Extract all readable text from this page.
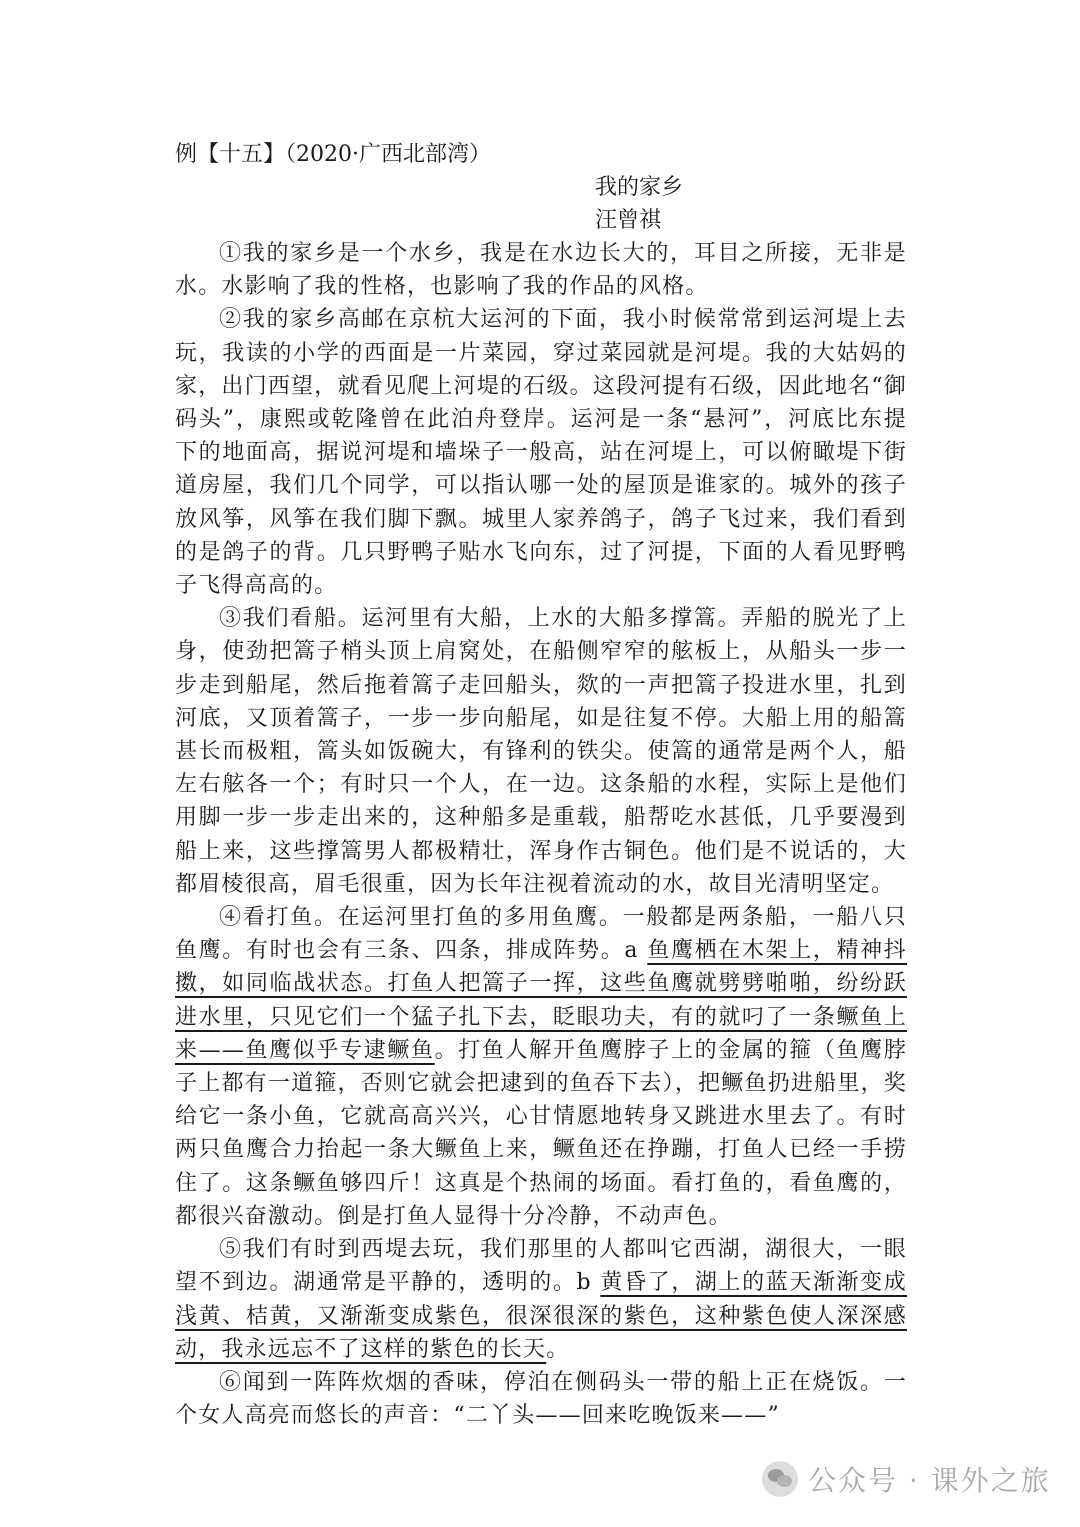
例【十五】（2020·广西北部湾）
我的家乡
汪曾祺

①我的家乡是一个水乡，我是在水边长大的，耳目之所接，无非是水。水影响了我的性格，也影响了我的作品的风格。

②我的家乡高邮在京杭大运河的下面，我小时候常常到运河堤上去玩，我读的小学的西面是一片菜园，穿过菜园就是河堤。我的大姑妈的家，出门西望，就看见爬上河堤的石级。这段河提有石级，因此地名“御码头”，康熙或乾隆曾在此泊舟登岸。运河是一条“悬河”，河底比东提下的地面高，据说河堤和墙垛子一般高，站在河堤上，可以俯瞰堤下街道房屋，我们几个同学，可以指认哪一处的屋顶是谁家的。城外的孩子放风筝，风筝在我们脚下飘。城里人家养鸽子，鸽子飞过来，我们看到的是鸽子的背。几只野鸭子贴水飞向东，过了河提，下面的人看见野鸭子飞得高高的。

③我们看船。运河里有大船，上水的大船多撑篙。弄船的脱光了上身，使劲把篙子梢头顶上肩窝处，在船侧窄窄的舷板上，从船头一步一步走到船尾，然后拖着篙子走回船头，欻的一声把篙子投进水里，扎到河底，又顶着篙子，一步一步向船尾，如是往复不停。大船上用的船篙甚长而极粗，篙头如饭碗大，有锋利的铁尖。使篙的通常是两个人，船左右舷各一个；有时只一个人，在一边。这条船的水程，实际上是他们用脚一步一步走出来的，这种船多是重载，船帮吃水甚低，几乎要漫到船上来，这些撑篙男人都极精壮，浑身作古铜色。他们是不说话的，大都眉棱很高，眉毛很重，因为长年注视着流动的水，故目光清明坚定。

④看打鱼。在运河里打鱼的多用鱼鹰。一般都是两条船，一船八只鱼鹰。有时也会有三条、四条，排成阵势。a 鱼鹰栖在木架上，精神抖擞，如同临战状态。打鱼人把篙子一挥，这些鱼鹰就劈劈啪啪，纷纷跃进水里，只见它们一个猛子扎下去，眨眼功夫，有的就叼了一条鳜鱼上来——鱼鹰似乎专逮鳜鱼。打鱼人解开鱼鹰脖子上的金属的箍（鱼鹰脖子上都有一道箍，否则它就会把逮到的鱼吞下去），把鳜鱼扔进船里，奖给它一条小鱼，它就高高兴兴，心甘情愿地转身又跳进水里去了。有时两只鱼鹰合力抬起一条大鳜鱼上来，鳜鱼还在挣蹦，打鱼人已经一手捞住了。这条鳜鱼够四斤！这真是个热闹的场面。看打鱼的，看鱼鹰的，都很兴奋激动。倒是打鱼人显得十分冷静，不动声色。

⑤我们有时到西堤去玩，我们那里的人都叫它西湖，湖很大，一眼望不到边。湖通常是平静的，透明的。b 黄昏了，湖上的蓝天渐渐变成浅黄、桔黄，又渐渐变成紫色，很深很深的紫色，这种紫色使人深深感动，我永远忘不了这样的紫色的长天。

⑥闻到一阵阵炊烟的香味，停泊在侧码头一带的船上正在烧饭。一个女人高亮而悠长的声音：“二丫头——回来吃晚饭来——”

公众号 · 课外之旅
